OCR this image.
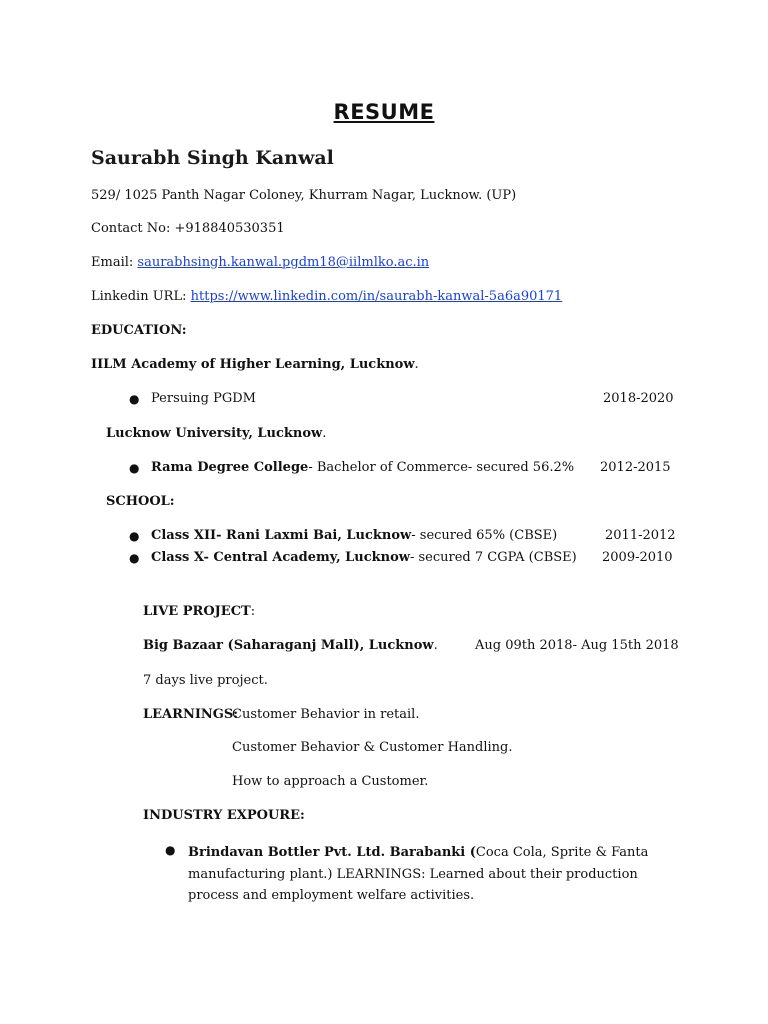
RESUME
Saurabh Singh Kanwal
529/ 1025 Panth Nagar Coloney, Khurram Nagar, Lucknow. (UP)
Contact No: +918840530351
Email: saurabhsingh.kanwal.pgdm18@iilmlko.ac.in
Linkedin URL: https://www.linkedin.com/in/saurabh-kanwal-5a6a90171
EDUCATION:
IILM Academy of Higher Learning, Lucknow.
● Persuing PGDM	2018-2020
Lucknow University, Lucknow.
● Rama Degree College- Bachelor of Commerce- secured 56.2% 2012-2015
SCHOOL:
● Class XII- Rani Laxmi Bai, Lucknow- secured 65% (CBSE)	2011-2012
● Class X- Central Academy, Lucknow- secured 7 CGPA (CBSE) 2009-2010
LIVE PROJECT:
Big Bazaar (Saharaganj Mall), Lucknow.	Aug 09th 2018- Aug 15th 2018
7 days live project.
LEARNINGS:
Customer Behavior in retail.
Customer Behavior & Customer Handling.
How to approach a Customer.
INDUSTRY EXPOURE:
● Brindavan Bottler Pvt. Ltd. Barabanki (Coca Cola, Sprite & Fanta manufacturing plant.) LEARNINGS: Learned about their production process and employment welfare activities.
